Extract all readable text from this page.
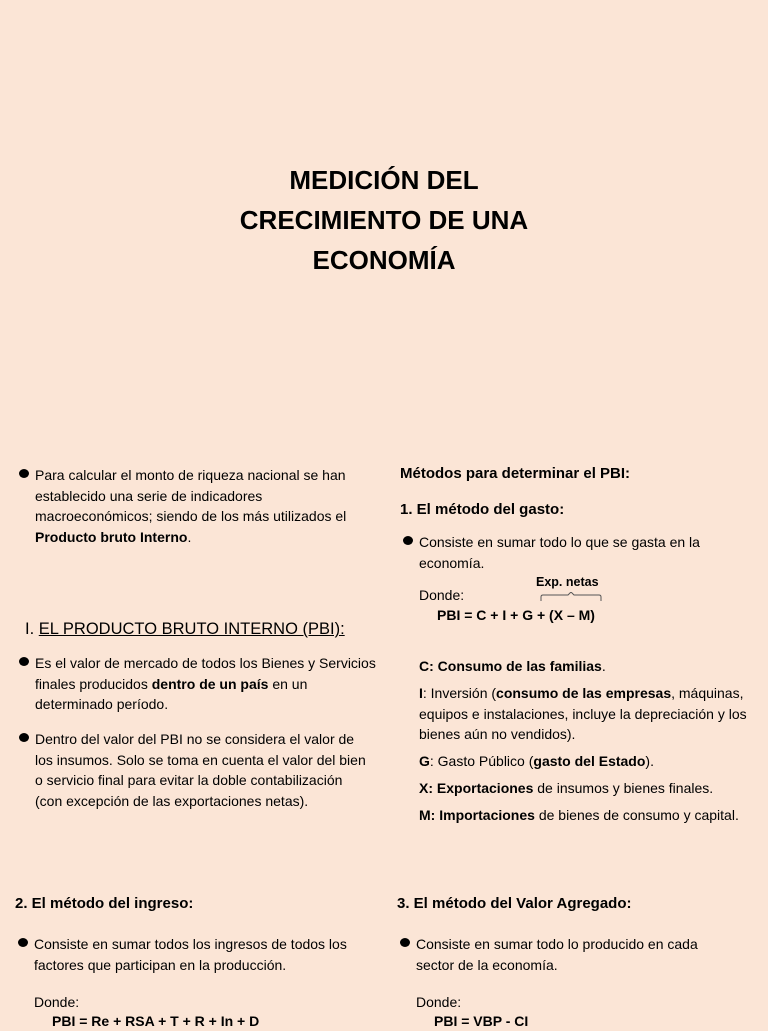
MEDICIÓN DEL
CRECIMIENTO DE UNA
ECONOMÍA
Para calcular el monto de riqueza nacional se han establecido una serie de indicadores macroeconómicos; siendo de los más utilizados el Producto bruto Interno.
I. EL PRODUCTO BRUTO INTERNO (PBI):
Es el valor de mercado de todos los Bienes y Servicios finales producidos dentro de un país en un determinado período.
Dentro del valor del PBI no se considera el valor de los insumos. Solo se toma en cuenta el valor del bien o servicio final para evitar la doble contabilización (con excepción de las exportaciones netas).
Métodos para determinar el PBI:
1. El método del gasto:
Consiste en sumar todo lo que se gasta en la economía.
Donde:
Exp. netas
PBI = C + I + G + (X – M)
C: Consumo de las familias.
I: Inversión (consumo de las empresas, máquinas, equipos e instalaciones, incluye la depreciación y los bienes aún no vendidos).
G: Gasto Público (gasto del Estado).
X: Exportaciones de insumos y bienes finales.
M: Importaciones de bienes de consumo y capital.
2. El método del ingreso:
Consiste en sumar todos los ingresos de todos los factores que participan en la producción.
Donde:
PBI = Re + RSA + T + R + In + D
3. El método del Valor Agregado:
Consiste en sumar todo lo producido en cada sector de la economía.
Donde:
PBI = VBP - CI
